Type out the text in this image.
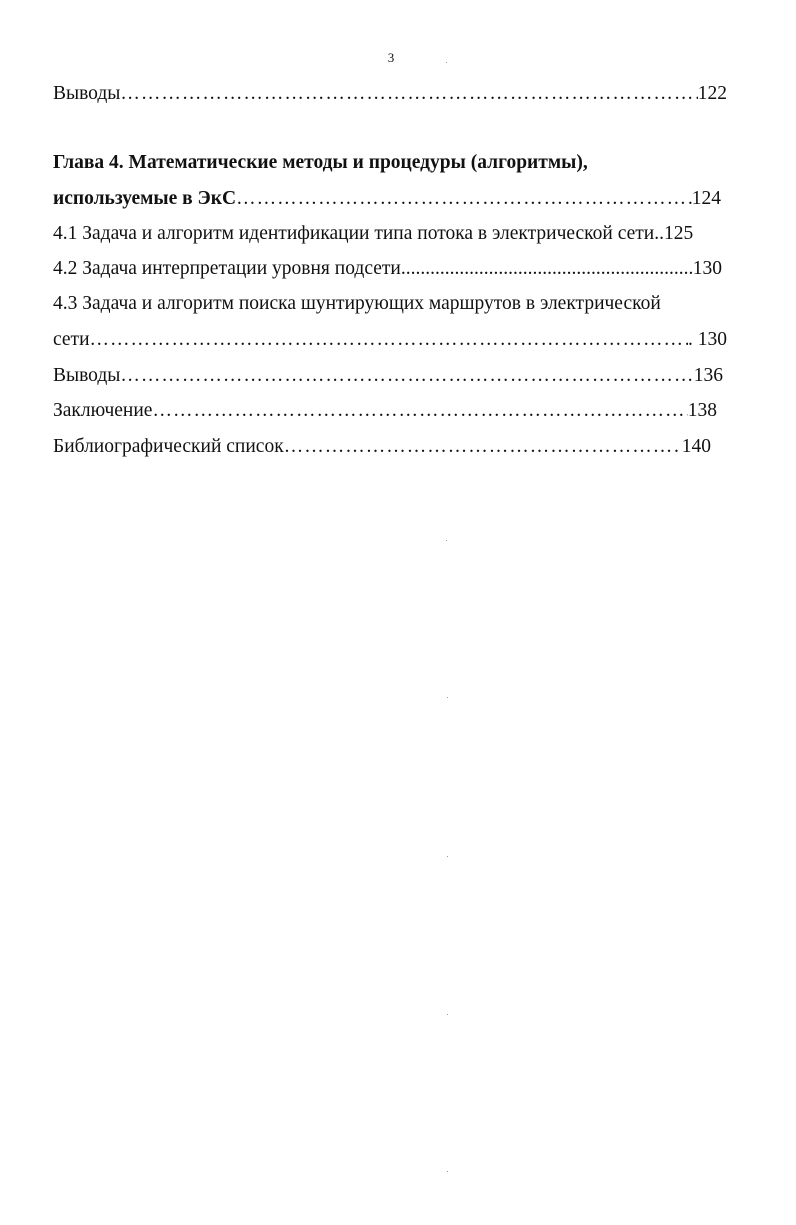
3
Выводы …………………………………………………………………………………………………………………………………………………………………………	122
Глава 4. Математические методы и процедуры (алгоритмы),
используемые в ЭкС …………………………………………………………………………………………………………………………………………………………………………	124
4.1 Задача и алгоритм идентификации типа потока в электрической сети ..125
4.2 Задача интерпретации уровня подсети .....	130
4.3 Задача и алгоритм поиска шунтирующих маршрутов в электрической
сети …………………………………………………………………………………………………………………………………………………………………………	. 130
Выводы …………………………………………………………………………………………………………………………………………………………………………	136
Заключение …………………………………………………………………………………………………………………………………………………………………………	138
Библиографический список …………………………………………………………………………………………………………………………………………………………………………	140
